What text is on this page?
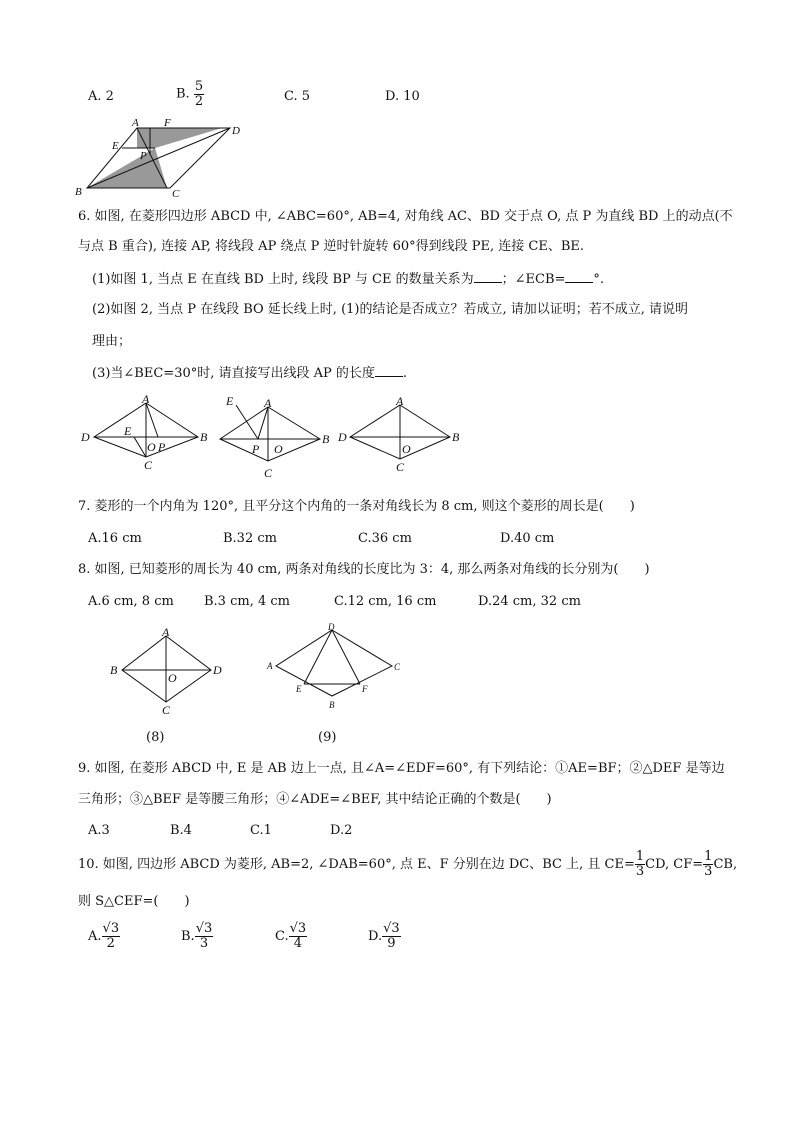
A. 2	B. $\frac{5}{2}$	C. 5	D. 10
A F
D
E
P
B	C
6. 如图, 在菱形四边形 ABCD 中, ∠ABC=60°, AB=4, 对角线 AC、BD 交于点 O, 点 P 为直线 BD 上的动点(不
与点 B 重合), 连接 AP, 将线段 AP 绕点 P 逆时针旋转 60°得到线段 PE, 连接 CE、BE.
(1)如图 1, 当点 E 在直线 BD 上时, 线段 BP 与 CE 的数量关系为 ；∠ECB= °.
(2)如图 2, 当点 P 在线段 BO 延长线上时, (1)的结论是否成立？若成立, 请加以证明；若不成立, 请说明
理由；
(3)当∠BEC=30°时, 请直接写出线段 AP 的长度 .
A
B
C
D	E
O P
A
B
C
E
O
P
A
B
C
D
O
7. 菱形的一个内角为 120°, 且平分这个内角的一条对角线长为 8 cm, 则这个菱形的周长是(　　)
A.16 cm	B.32 cm	C.36 cm	D.40 cm
8. 如图, 已知菱形的周长为 40 cm, 两条对角线的长度比为 3：4, 那么两条对角线的长分别为(　　)
A.6 cm, 8 cm B.3 cm, 4 cm	C.12 cm, 16 cm	D.24 cm, 32 cm
A
B	D
C
O
(8)
D
C
A
B
E	F
(9)
9. 如图, 在菱形 ABCD 中, E 是 AB 边上一点, 且∠A=∠EDF=60°, 有下列结论：①AE=BF；②△DEF 是等边
三角形；③△BEF 是等腰三角形；④∠ADE=∠BEF, 其中结论正确的个数是(　　)
A.3	B.4	C.1	D.2
10. 如图, 四边形 ABCD 为菱形, AB=2, ∠DAB=60°, 点 E、F 分别在边 DC、BC 上, 且 $CE= \frac{1}{3}$ CD, $CF= \frac{1}{3}$ CB,
则 S△CEF=(　　)
A. $\frac{√3}{2}$	B. $\frac{√3}{3}$	C. $\frac{√3}{4}$	D. $\frac{√3}{9}$
